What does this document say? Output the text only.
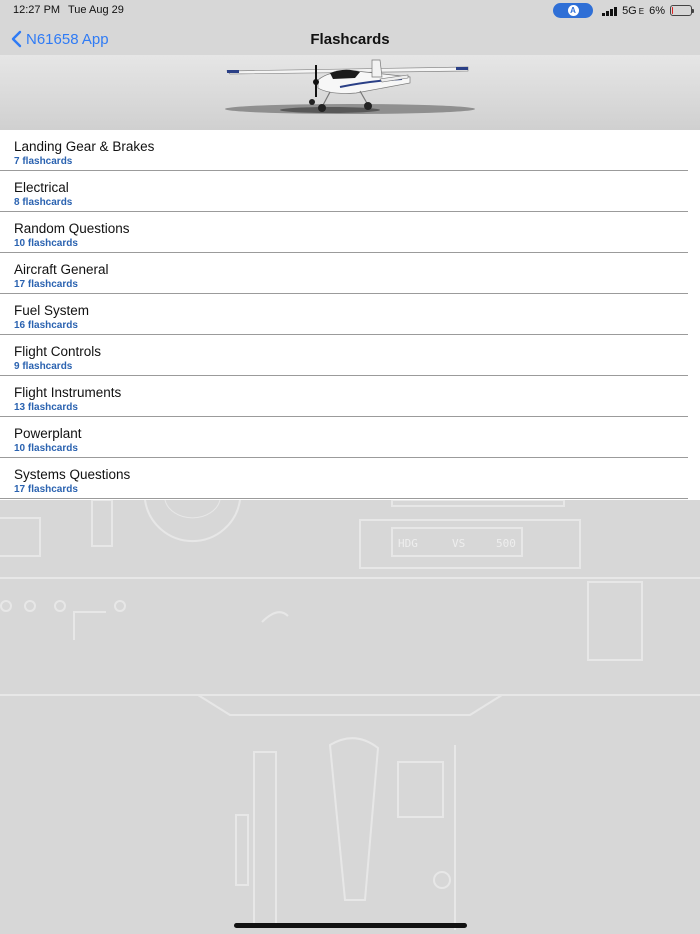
12:27 PM Tue Aug 29	A	5G E 6%
N61658 App	Flashcards
Landing Gear & Brakes
7 flashcards
Electrical
8 flashcards
Random Questions
10 flashcards
Aircraft General
17 flashcards
Fuel System
16 flashcards
Flight Controls
9 flashcards
Flight Instruments
13 flashcards
Powerplant
10 flashcards
Systems Questions
17 flashcards
HDG	VS	500
